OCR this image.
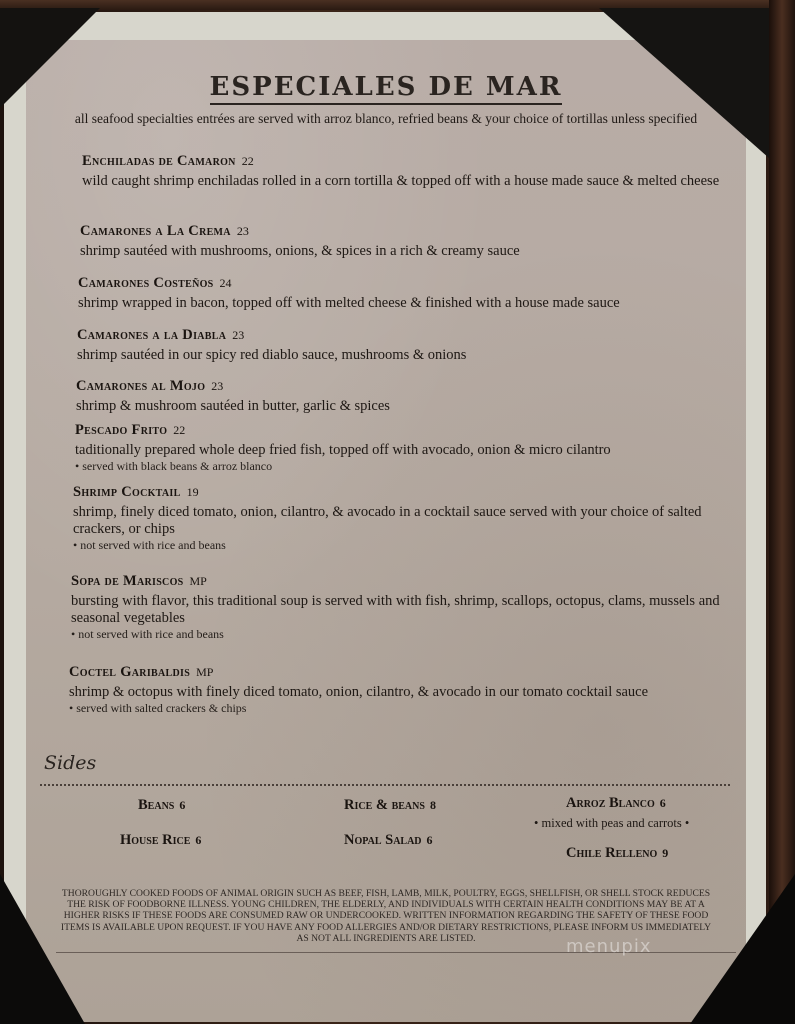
ESPECIALES DE MAR
all seafood specialties entrées are served with arroz blanco, refried beans & your choice of tortillas unless specified
Enchiladas de Camaron 22
wild caught shrimp enchiladas rolled in a corn tortilla & topped off with a house made sauce & melted cheese
Camarones a La Crema 23
shrimp sautéed with mushrooms, onions, & spices in a rich & creamy sauce
Camarones Costeños 24
shrimp wrapped in bacon, topped off with melted cheese & finished with a house made sauce
Camarones a la Diabla 23
shrimp sautéed in our spicy red diablo sauce, mushrooms & onions
Camarones al Mojo 23
shrimp & mushroom sautéed in butter, garlic & spices
Pescado Frito 22
taditionally prepared whole deep fried fish, topped off with avocado, onion & micro cilantro
• served with black beans & arroz blanco
Shrimp Cocktail 19
shrimp, finely diced tomato, onion, cilantro, & avocado in a cocktail sauce served with your choice of salted crackers, or chips
• not served with rice and beans
Sopa de Mariscos MP
bursting with flavor, this traditional soup is served with with fish, shrimp, scallops, octopus, clams, mussels and seasonal vegetables
• not served with rice and beans
Coctel Garibaldis MP
shrimp & octopus with finely diced tomato, onion, cilantro, & avocado in our tomato cocktail sauce
• served with salted crackers & chips
Sides
Beans 6
House Rice 6
Rice & beans 8
Nopal Salad 6
Arroz Blanco 6
• mixed with peas and carrots •
Chile Relleno 9
THOROUGHLY COOKED FOODS OF ANIMAL ORIGIN SUCH AS BEEF, FISH, LAMB, MILK, POULTRY, EGGS, SHELLFISH, OR SHELL STOCK REDUCES THE RISK OF FOODBORNE ILLNESS. YOUNG CHILDREN, THE ELDERLY, AND INDIVIDUALS WITH CERTAIN HEALTH CONDITIONS MAY BE AT A HIGHER RISKS IF THESE FOODS ARE CONSUMED RAW OR UNDERCOOKED. WRITTEN INFORMATION REGARDING THE SAFETY OF THESE FOOD ITEMS IS AVAILABLE UPON REQUEST. IF YOU HAVE ANY FOOD ALLERGIES AND/OR DIETARY RESTRICTIONS, PLEASE INFORM US IMMEDIATELY AS NOT ALL INGREDIENTS ARE LISTED.	menupix
